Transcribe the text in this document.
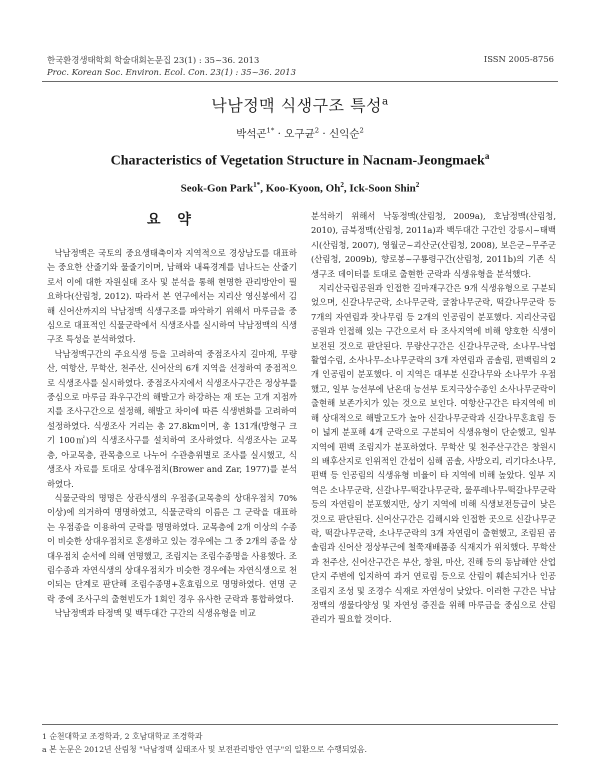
한국환경생태학회 학술대회논문집 23(1) : 35~36. 2013
Proc. Korean Soc. Environ. Ecol. Con. 23(1) : 35~36. 2013
ISSN 2005-8756
낙남정맥 식생구조 특성$^a$
박석곤$^{1*}$ · 오구균$^2$ · 신익순$^2$
Characteristics of Vegetation Structure in Nacnam-Jeongmaek$^a$
Seok-Gon Park$^{1*}$, Koo-Kyoon, Oh$^2$, Ick-Soon Shin$^2$
요 약

낙남정맥은 국토의 중요생태축이자 지역적으로 경상남도를 대표하는 중요한 산줄기와 물줄기이며, 남해와 내륙경계를 넘나드는 산줄기로서 이에 대한 자원실태 조사 및 분석을 통해 현명한 관리방안이 필요하다(산림청, 2012). 따라서 본 연구에서는 지리산 영신봉에서 김해 신어산까지의 낙남정맥 식생구조를 파악하기 위해서 마루금을 중심으로 대표적인 식물군락에서 식생조사를 실시하여 낙남정맥의 식생구조 특성을 분석하였다.

낙남정맥구간의 주요식생 등을 고려하여 중점조사지 길마재, 무량산, 여항산, 무학산, 천주산, 신어산의 6개 지역을 선정하여 중점적으로 식생조사를 실시하였다. 중점조사지에서 식생조사구간은 정상부를 중심으로 마루금 좌우구간의 해발고가 하강하는 재 또는 고개 지점까지를 조사구간으로 설정해, 해발고 차이에 따른 식생변화를 고려하여 설정하였다. 식생조사 거리는 총 27.8km이며, 총 131개(방형구 크기 100㎡)의 식생조사구를 설치하여 조사하였다. 식생조사는 교목층, 아교목층, 관목층으로 나누어 수관층위별로 조사를 실시했고, 식생조사 자료를 토대로 상대우점치(Brower and Zar, 1977)를 분석하였다.

식물군락의 명명은 상관식생의 우점종(교목층의 상대우점치 70%이상)에 의거하여 명명하였고, 식물군락의 이름은 그 군락을 대표하는 우점종을 이용하여 군락를 명명하였다. 교목층에 2개 이상의 수종이 비슷한 상대우점치로 혼생하고 있는 경우에는 그 중 2개의 종을 상대우점치 순서에 의해 연명했고, 조림지는 조림수종명을 사용했다. 조림수종과 자연식생의 상대우점치가 비슷한 경우에는 자연식생으로 천이되는 단계로 판단해 조림수종명+혼효림으로 명명하였다. 연명 군락 중에 조사구의 출현빈도가 1회인 경우 유사한 군락과 통합하였다.

낙남정맥과 타정맥 및 백두대간 구간의 식생유형을 비교

분석하기 위해서 낙동정맥(산림청, 2009a), 호남정맥(산림청, 2010), 금북정맥(산림청, 2011a)과 백두대간 구간인 강릉시~태백시(산림청, 2007), 영월군~괴산군(산림청, 2008), 보은군~무주군(산림청, 2009b), 향로봉~구룡령구간(산림청, 2011b)의 기존 식생구조 데이터를 토대로 출현한 군락과 식생유형을 분석했다.

지리산국립공원과 인접한 길마재구간은 9개 식생유형으로 구분되었으며, 신갈나무군락, 소나무군락, 굴참나무군락, 떡갈나무군락 등 7개의 자연림과 잣나무림 등 2개의 인공림이 분포했다. 지리산국립공원과 인접해 있는 구간으로서 타 조사지역에 비해 양호한 식생이 보전된 것으로 판단된다. 무량산구간은 신갈나무군락, 소나무-낙엽활엽수림, 소사나무-소나무군락의 3개 자연림과 곰솔림, 편백림의 2개 인공림이 분포했다. 이 지역은 대부분 신갈나무와 소나무가 우점했고, 일부 능선부에 난온대 능선부 토지극상수종인 소사나무군락이 출현해 보존가치가 있는 것으로 보인다. 여항산구간은 타지역에 비해 상대적으로 해발고도가 높아 신갈나무군락과 신갈나무혼효림 등이 넓게 분포해 4개 군락으로 구분되어 식생유형이 단순했고, 일부 지역에 편백 조림지가 분포하였다. 무학산 및 천주산구간은 창원시의 배후산지로 인위적인 간섭이 심해 곰솔, 사방오리, 리기다소나무, 편백 등 인공림의 식생유형 비율이 타 지역에 비해 높았다. 일부 지역은 소나무군락, 신갈나무-떡갈나무군락, 물푸레나무-떡갈나무군락 등의 자연림이 분포했지만, 상기 지역에 비해 식생보전등급이 낮은 것으로 판단된다. 신어산구간은 김해시와 인접한 곳으로 신갈나무군락, 떡갈나무군락, 소나무군락의 3개 자연림이 출현했고, 조림된 곰솔림과 신어산 정상부근에 철쭉재배품종 식재지가 위치했다. 무학산과 천주산, 신어산구간은 부산, 창원, 마산, 진해 등의 동남해안 산업단지 주변에 입지하여 과거 연료림 등으로 산림이 훼손되거나 인공조림지 조성 및 조경수 식재로 자연성이 낮았다. 이러한 구간은 낙남정맥의 생물다양성 및 자연성 증진을 위해 마루금을 중심으로 산림관리가 필요할 것이다.

1 순천대학교 조경학과, 2 호남대학교 조경학과
a 본 논문은 2012년 산림청 "낙남정맥 실태조사 및 보전관리방안 연구"의 일환으로 수행되었음.
